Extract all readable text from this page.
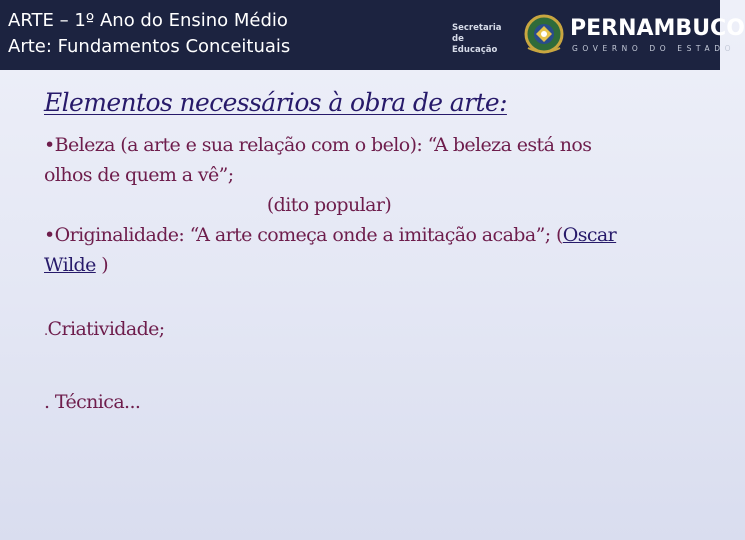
ARTE – 1º Ano do Ensino Médio
Arte: Fundamentos Conceituais
Secretaria de
Educação
PERNAMBUCO
GOVERNO DO ESTADO
Elementos necessários à obra de arte:

•Beleza (a arte e sua relação com o belo): “A beleza está nos
olhos de quem a vê”;

(dito popular)

•Originalidade: “A arte começa onde a imitação acaba”; (Oscar
Wilde )

.Criatividade;

. Técnica...
